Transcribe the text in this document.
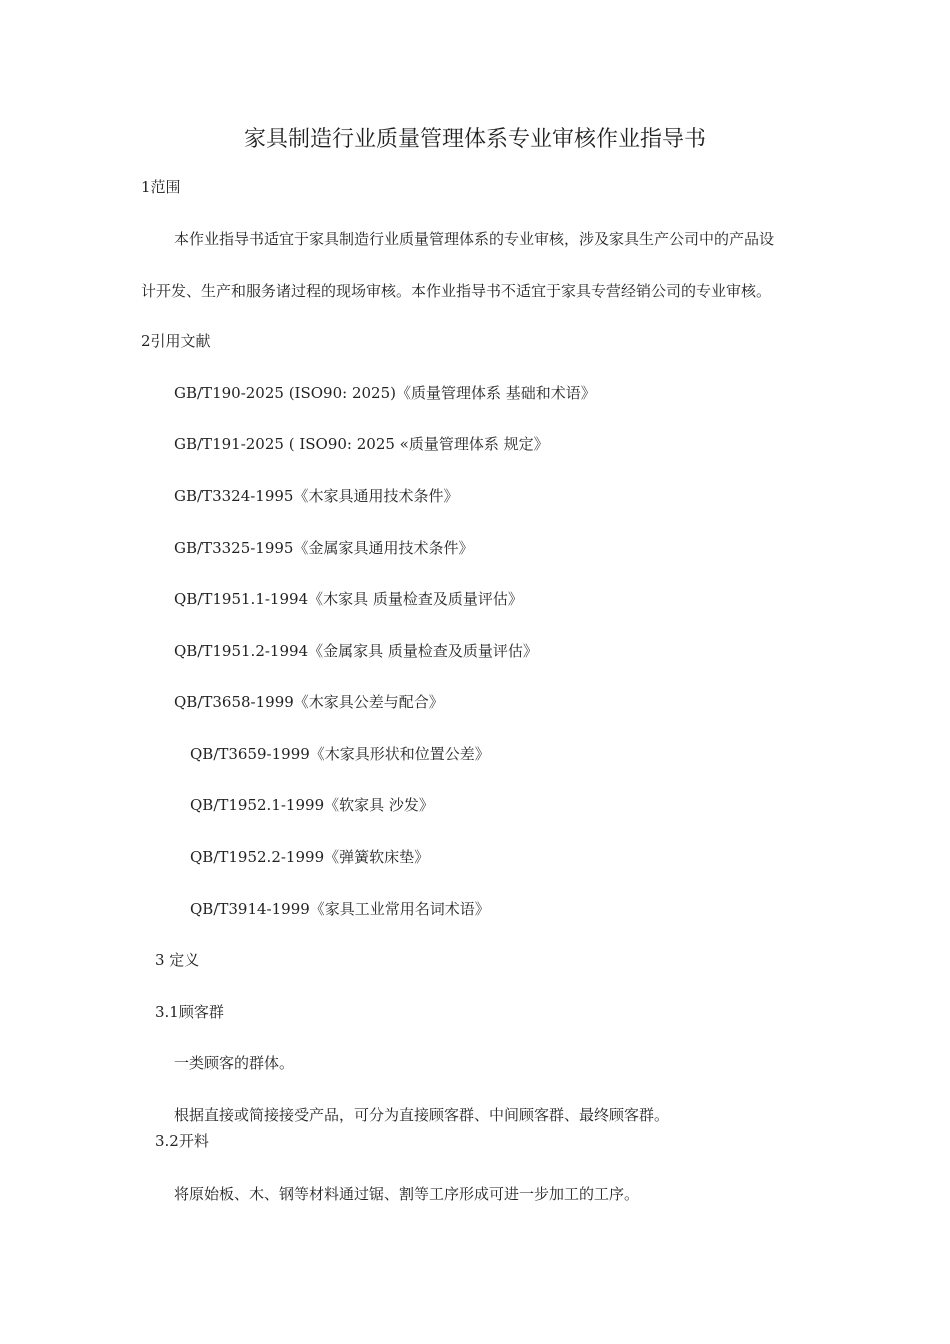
家具制造行业质量管理体系专业审核作业指导书
1范围
本作业指导书适宜于家具制造行业质量管理体系的专业审核，涉及家具生产公司中的产品设
计开发、生产和服务诸过程的现场审核。本作业指导书不适宜于家具专营经销公司的专业审核。
2引用文献
GB/T190-2025 (ISO90: 2025)《质量管理体系 基础和术语》
GB/T191-2025 ( ISO90: 2025 «质量管理体系 规定》
GB/T3324-1995《木家具通用技术条件》
GB/T3325-1995《金属家具通用技术条件》
QB/T1951.1-1994《木家具 质量检查及质量评估》
QB/T1951.2-1994《金属家具 质量检查及质量评估》
QB/T3658-1999《木家具公差与配合》
QB/T3659-1999《木家具形状和位置公差》
QB/T1952.1-1999《软家具 沙发》
QB/T1952.2-1999《弹簧软床垫》
QB/T3914-1999《家具工业常用名词术语》
3 定义
3.1顾客群
一类顾客的群体。
根据直接或简接接受产品，可分为直接顾客群、中间顾客群、最终顾客群。
3.2开料
将原始板、木、钢等材料通过锯、割等工序形成可进一步加工的工序。
